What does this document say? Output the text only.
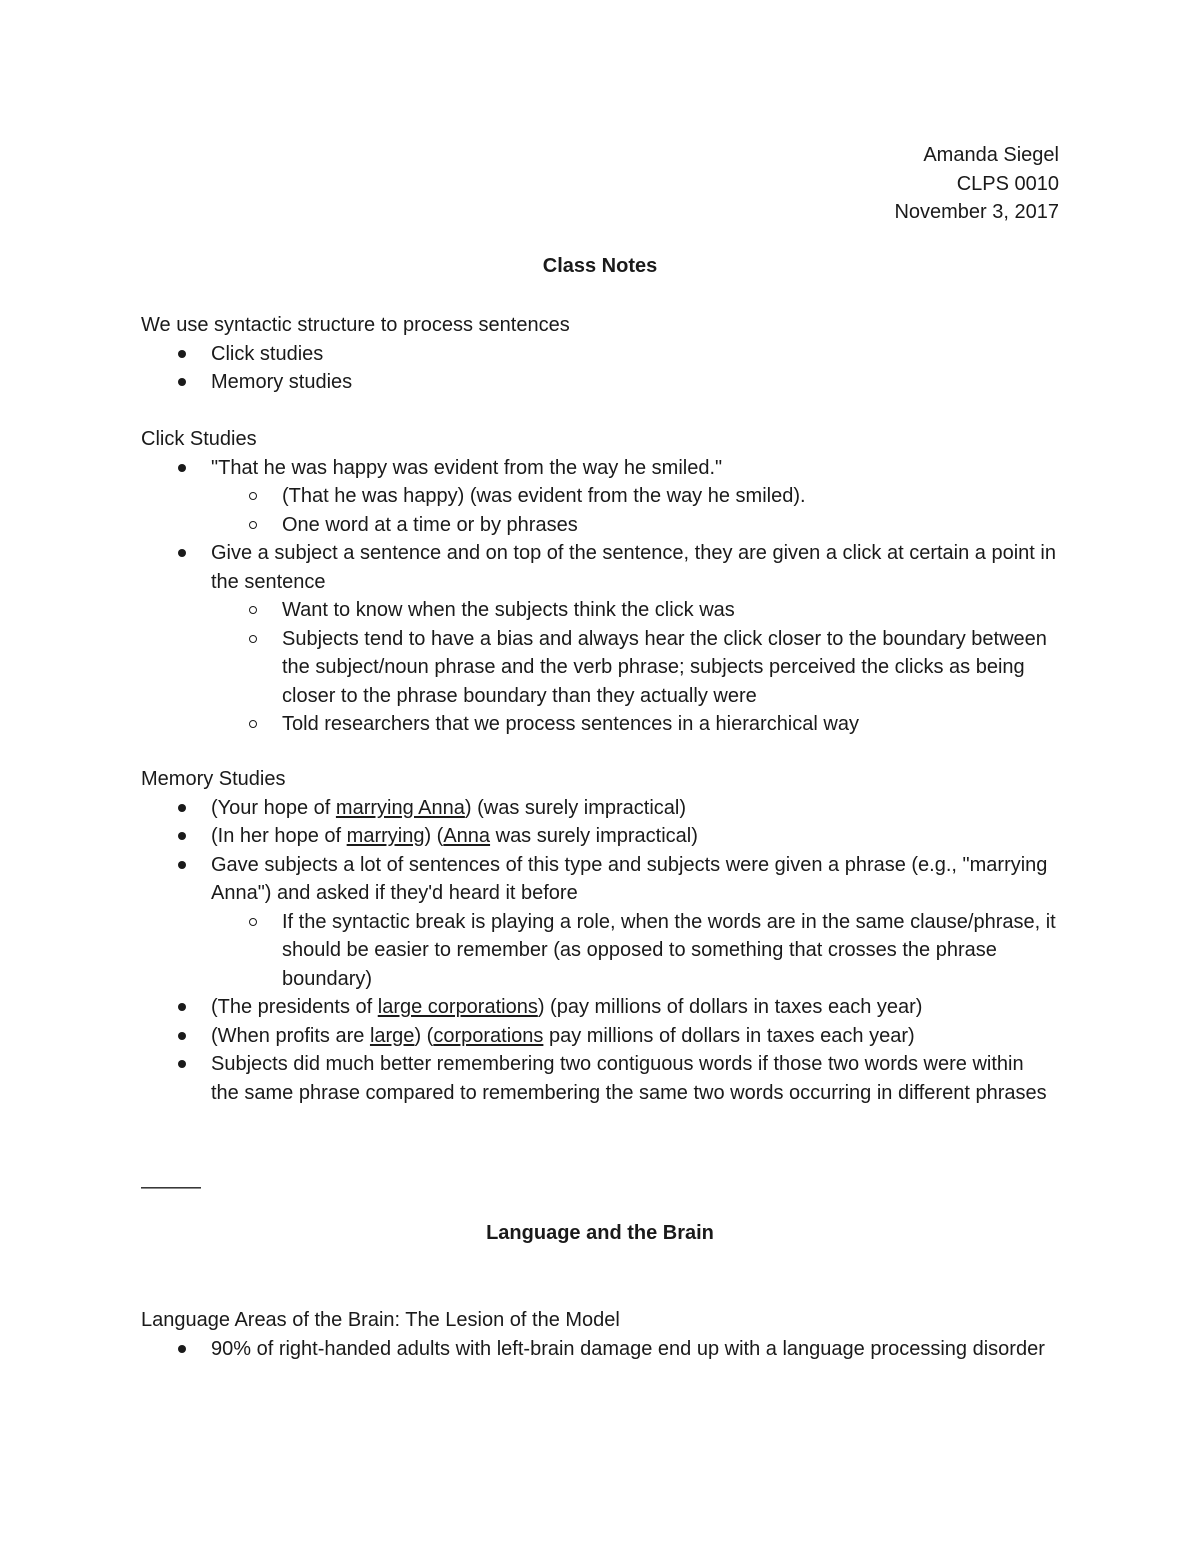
Amanda Siegel
CLPS 0010
November 3, 2017
Class Notes

We use syntactic structure to process sentences

Click studies
Memory studies

Click Studies

"That he was happy was evident from the way he smiled."
(That he was happy) (was evident from the way he smiled).
One word at a time or by phrases
Give a subject a sentence and on top of the sentence, they are given a click at certain a point in the sentence
Want to know when the subjects think the click was
Subjects tend to have a bias and always hear the click closer to the boundary between the subject/noun phrase and the verb phrase; subjects perceived the clicks as being closer to the phrase boundary than they actually were
Told researchers that we process sentences in a hierarchical way

Memory Studies

(Your hope of marrying Anna) (was surely impractical)
(In her hope of marrying) (Anna was surely impractical)
Gave subjects a lot of sentences of this type and subjects were given a phrase (e.g., "marrying Anna") and asked if they'd heard it before
If the syntactic break is playing a role, when the words are in the same clause/phrase, it should be easier to remember (as opposed to something that crosses the phrase boundary)
(The presidents of large corporations) (pay millions of dollars in taxes each year)
(When profits are large) (corporations pay millions of dollars in taxes each year)
Subjects did much better remembering two contiguous words if those two words were within the same phrase compared to remembering the same two words occurring in different phrases
———
Language and the Brain

Language Areas of the Brain: The Lesion of the Model

90% of right-handed adults with left-brain damage end up with a language processing disorder
